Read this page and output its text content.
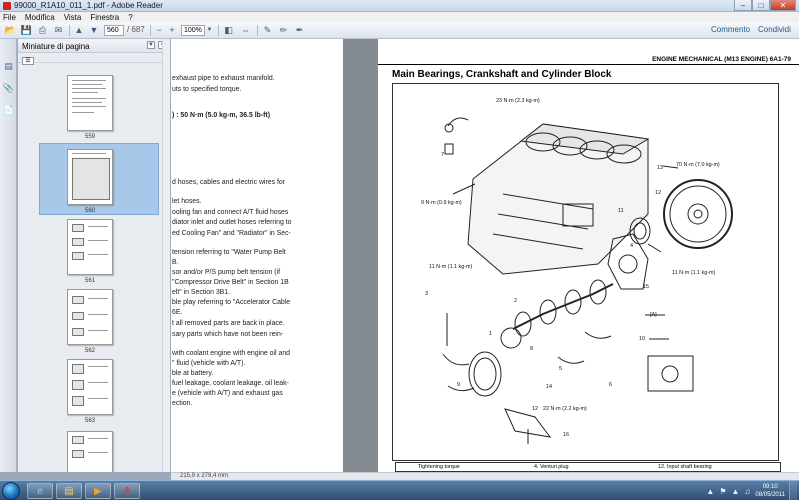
99000_R1A10_011_1.pdf - Adobe Reader	–	□	✕
File Modifica Vista Finestra ?
📂 💾 ⎙ ✉	▲ ▼	560	/ 687	− +	100% ▼ ◧ ⇔	✎ ✏ ✒	Commento Condividi
▤
📎
📄
Miniature di pagina	▼
☰
559
560
561
562
563
exhaust pipe to exhaust manifold.
uts to specified torque.
) : 50 N·m (5.0 kg-m, 36.5 lb-ft)
d hoses, cables and electric wires for
let hoses.
ooling fan and connect A/T fluid hoses
diator inlet and outlet hoses referring to
ed Cooling Fan" and "Radiator" in Sec-
tension referring to "Water Pump Belt
B.
sor and/or P/S pump belt tension (if
"Compressor Drive Belt" in Section 1B
elt" in Section 3B1.
ble play referring to "Accelerator Cable
6E.
t all removed parts are back in place.
sary parts which have not been rein-
with coolant engine with engine oil and
" fluid (vehicle with A/T).
ble at battery.
fuel leakage, coolant leakage, oil leak-
e (vehicle with A/T) and exhaust gas
ection.
ENGINE MECHANICAL (M13 ENGINE) 6A1-79
Main Bearings, Crankshaft and Cylinder Block
23 N·m (2.3 kg-m)
70 N·m (7.0 kg-m)
9 N·m (0.9 kg-m)
11 N·m (1.1 kg-m)
11 N·m (1.1 kg-m)
[A]
22 N·m (2.2 kg-m)
7
11
13
12
4
3
1
2
15
10
8
5
6
9	14
12
16
Tightening torque	4. Venturi plug	12. Input shaft bearing
215,9 x 279,4 mm
e ▤ ▶ A	▲ ⚑ ▲ ♫	09:10
08/05/2011
